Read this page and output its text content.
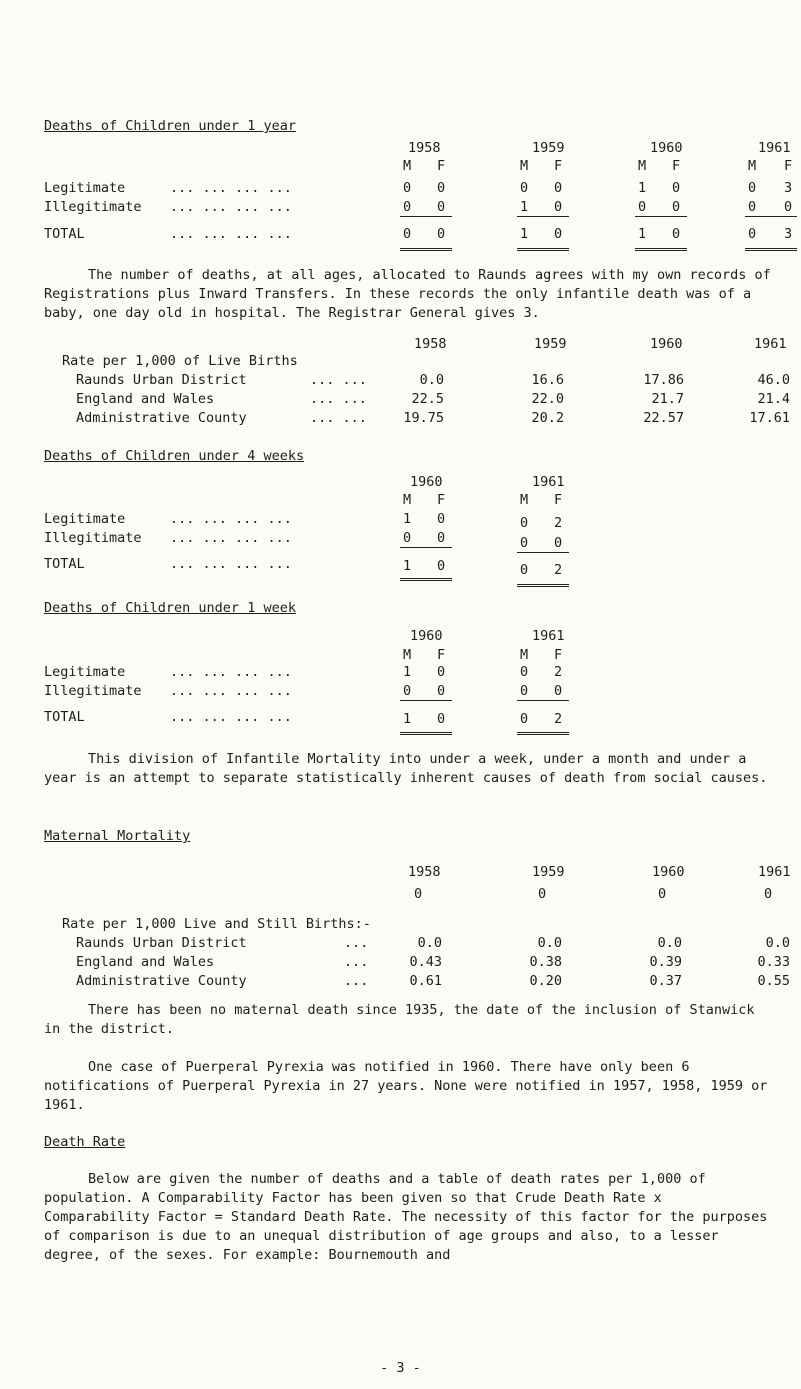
Deaths of Children under 1 year
1958	1959	1960	1961
M F	M F	M F	M F
Legitimate	... ... ... ...	0 0	0 0	1 0	0 3
Illegitimate ... ... ... ...	0 0	1 0	0 0	0 0
TOTAL	... ... ... ...	0 0	1 0	1 0	0 3
The number of deaths, at all ages, allocated to Raunds agrees with my own records of Registrations plus Inward Transfers. In these records the only infantile death was of a baby, one day old in hospital. The Registrar General gives 3.
1958	1959	1960	1961
Rate per 1,000 of Live Births
Raunds Urban District	... ...	0.0	16.6	17.86	46.0
England and Wales	... ...	22.5	22.0	21.7	21.4
Administrative County	... ...	19.75	20.2	22.57	17.61
Deaths of Children under 4 weeks
1960	1961
M F	M F
Legitimate	... ... ... ...	1 0	0 2
Illegitimate ... ... ... ...	0 0	0 0
TOTAL	... ... ... ...	1 0	0 2
Deaths of Children under 1 week
1960	1961
M F	M F
Legitimate	... ... ... ...	1 0	0 2
Illegitimate ... ... ... ...	0 0	0 0
TOTAL	... ... ... ...	1 0	0 2
This division of Infantile Mortality into under a week, under a month and under a year is an attempt to separate statistically inherent causes of death from social causes.
Maternal Mortality
1958	1959	1960	1961
0	0	0	0
Rate per 1,000 Live and Still Births:-
Raunds Urban District	...	0.0	0.0	0.0	0.0
England and Wales	...	0.43	0.38	0.39	0.33
Administrative County	...	0.61	0.20	0.37	0.55
There has been no maternal death since 1935, the date of the inclusion of Stanwick in the district.
One case of Puerperal Pyrexia was notified in 1960. There have only been 6 notifications of Puerperal Pyrexia in 27 years. None were notified in 1957, 1958, 1959 or 1961.
Death Rate
Below are given the number of deaths and a table of death rates per 1,000 of population. A Comparability Factor has been given so that Crude Death Rate x Comparability Factor = Standard Death Rate. The necessity of this factor for the purposes of comparison is due to an unequal distribution of age groups and also, to a lesser degree, of the sexes. For example: Bournemouth and
- 3 -
